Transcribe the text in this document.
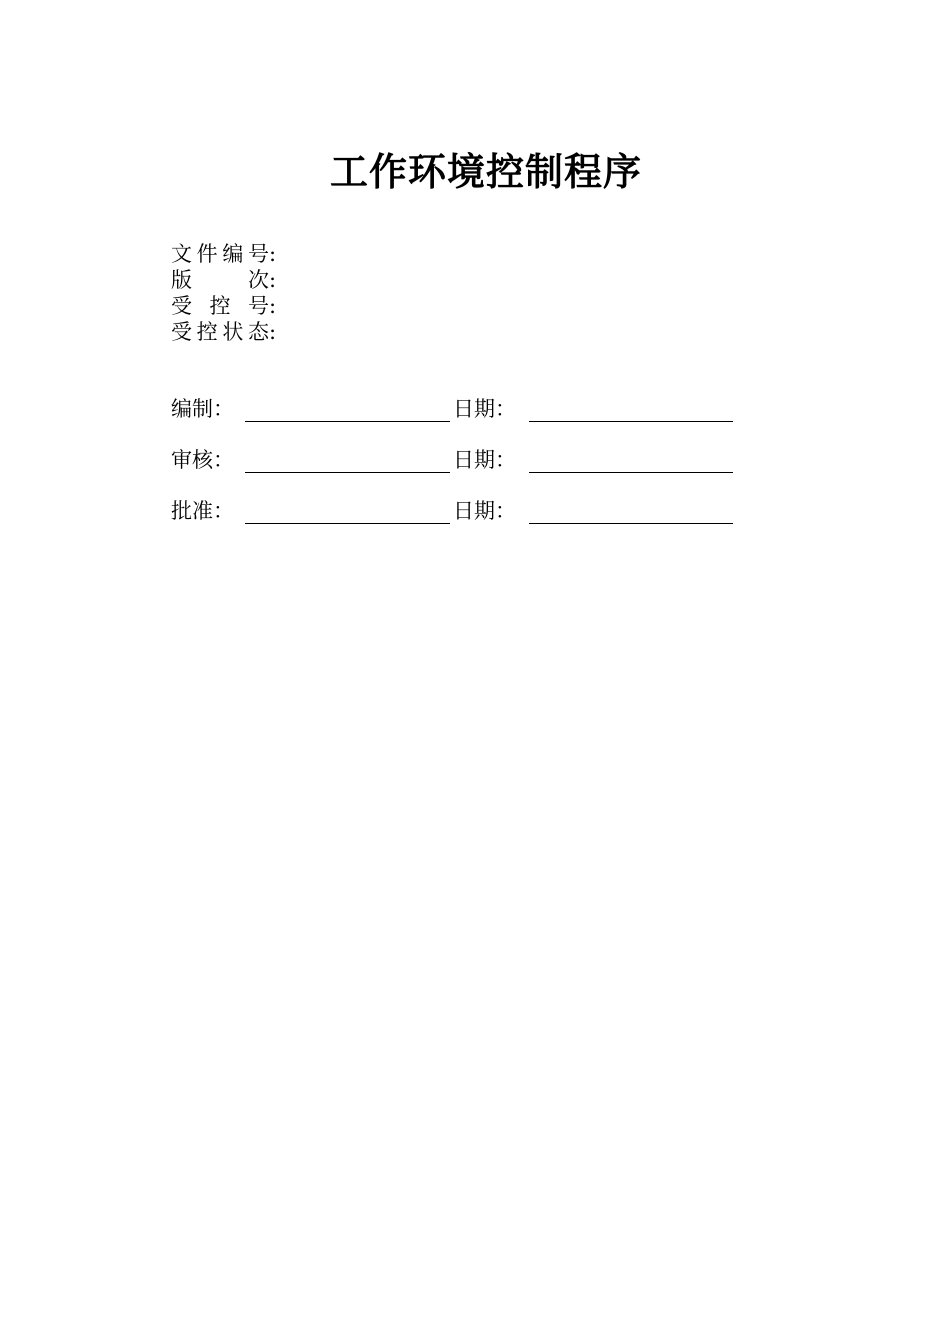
工作环境控制程序
文件编号:
版次:
受控号:
受控状态:
编制：	日期：
审核：	日期：
批准：	日期：
